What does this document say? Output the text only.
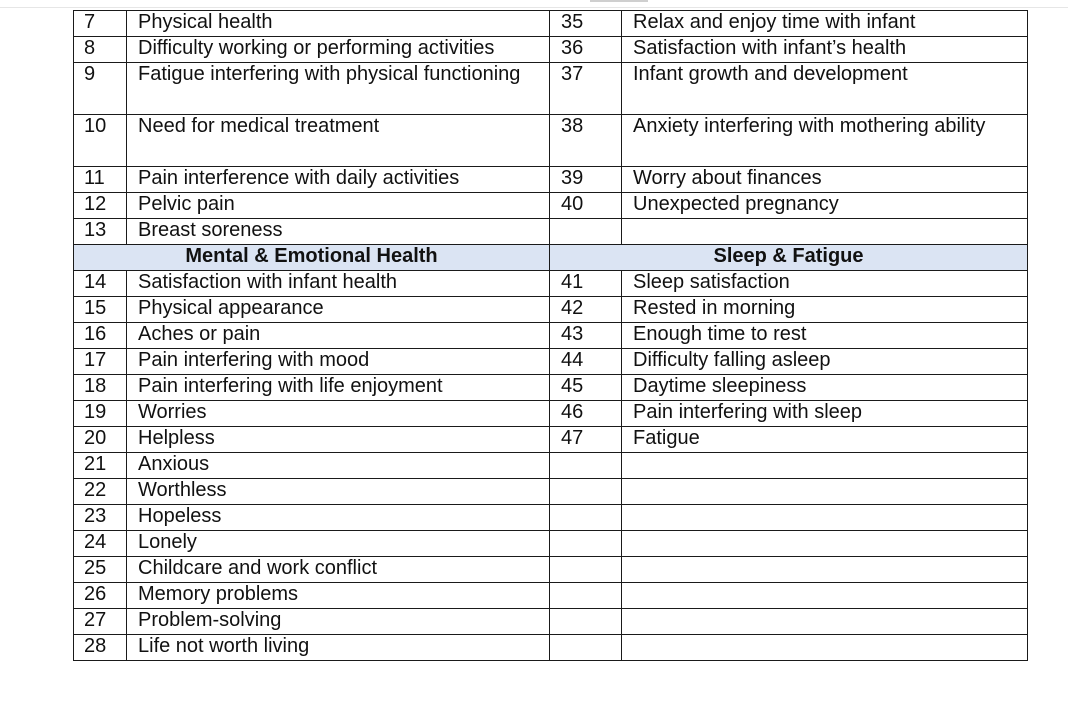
7	Physical health	35	Relax and enjoy time with infant
8	Difficulty working or performing activities	36	Satisfaction with infant’s health
9	Fatigue interfering with physical functioning	37	Infant growth and development
10	Need for medical treatment	38	Anxiety interfering with mothering ability
11	Pain interference with daily activities	39	Worry about finances
12	Pelvic pain	40	Unexpected pregnancy
13	Breast soreness		
Mental & Emotional Health		Sleep & Fatigue	
14	Satisfaction with infant health	41	Sleep satisfaction
15	Physical appearance	42	Rested in morning
16	Aches or pain	43	Enough time to rest
17	Pain interfering with mood	44	Difficulty falling asleep
18	Pain interfering with life enjoyment	45	Daytime sleepiness
19	Worries	46	Pain interfering with sleep
20	Helpless	47	Fatigue
21	Anxious		
22	Worthless		
23	Hopeless		
24	Lonely		
25	Childcare and work conflict		
26	Memory problems		
27	Problem-solving		
28	Life not worth living		
